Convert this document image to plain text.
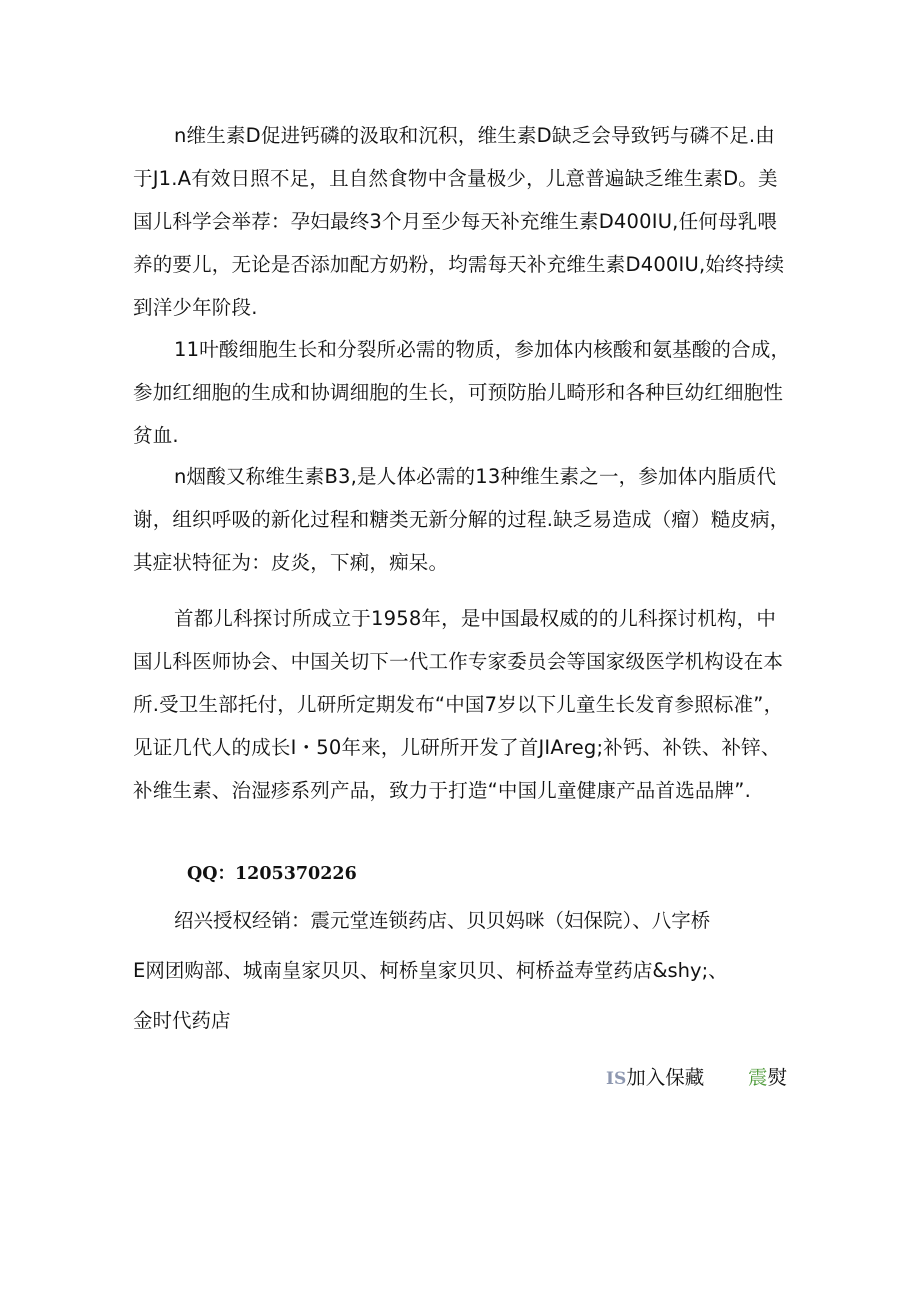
n维生素D促进钙磷的汲取和沉积，维生素D缺乏会导致钙与磷不足.由于J1.A有效日照不足，且自然食物中含量极少，儿意普遍缺乏维生素D。美国儿科学会举荐：孕妇最终3个月至少每天补充维生素D400IU,任何母乳喂养的要儿，无论是否添加配方奶粉，均需每天补充维生素D400IU,始终持续到洋少年阶段.

11叶酸细胞生长和分裂所必需的物质，参加体内核酸和氨基酸的合成，参加红细胞的生成和协调细胞的生长，可预防胎儿畸形和各种巨幼红细胞性贫血.

n烟酸又称维生素B3,是人体必需的13种维生素之一，参加体内脂质代谢，组织呼吸的新化过程和糖类无新分解的过程.缺乏易造成（瘤）糙皮病，其症状特征为：皮炎，下痢，痴呆。

首都儿科探讨所成立于1958年，是中国最权威的的儿科探讨机构，中国儿科医师协会、中国关切下一代工作专家委员会等国家级医学机构设在本所.受卫生部托付，儿研所定期发布“中国7岁以下儿童生长发育参照标准”，见证几代人的成长I・50年来，儿研所开发了首JIAreg;补钙、补铁、补锌、补维生素、治湿疹系列产品，致力于打造“中国儿童健康产品首选品牌”.

QQ：1205370226

绍兴授权经销：震元堂连锁药店、贝贝妈咪（妇保院）、八字桥

E网团购部、城南皇家贝贝、柯桥皇家贝贝、柯桥益寿堂药店&shy;、

金时代药店

IS加入保藏 震熨
